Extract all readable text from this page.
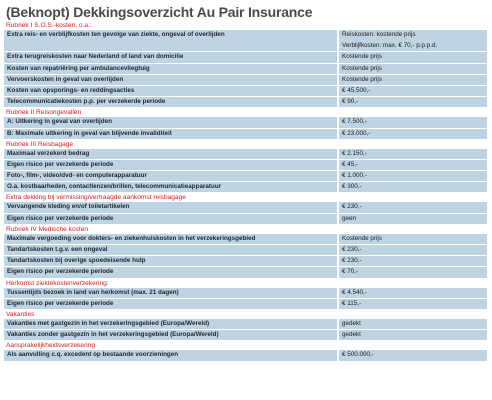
(Beknopt) Dekkingsoverzicht Au Pair Insurance
Rubriek I S.O.S.-kosten, o.a.:
Extra reis- en verblijfkosten ten gevolge van ziekte, ongeval of overlijden	Reiskosten: kostende prijs
Verblijfkosten: max. € 70,- p.p.p.d.
Extra terugreiskosten naar Nederland of land van domicilie	Kostende prijs
Kosten van repatriëring per ambulancevliegtuig	Kostende prijs
Vervoerskosten in geval van overlijden	Kostende prijs
Kosten van opsporings- en reddingsacties	€ 45.500,-
Telecommunicatiekosten p.p. per verzekerde periode	€ 90,-
Rubriek II Reisongevallen
A: Uitkering in geval van overlijden	€ 7.500,-
B: Maximale uitkering in geval van blijvende invaliditeit	€ 23.000,-
Rubriek III Reisbagage
Maximaal verzekerd bedrag	€ 2.150,-
Eigen risico per verzekerde periode	€ 45,-
Foto-, film-, video/dvd- en computerapparatuur	€ 1.000,-
O.a. kostbaarheden, contactlenzen/brillen, telecommunicatieapparatuur	€ 300,-
Extra dekking bij vermissing/vertraagde aankomst reisbagage
Vervangende kleding en/of toiletartikelen	€ 230,-
Eigen risico per verzekerde periode	geen
Rubriek IV Medische kosten
Maximale vergoeding voor dokters- en ziekenhuiskosten in het verzekeringsgebied	Kostende prijs
Tandartskosten t.g.v. een ongeval	€ 230,-
Tandartskosten bij overige spoedeisende hulp	€ 230,-
Eigen risico per verzekerde periode	€ 70,-
Herkomst ziektekostenverzekering:
Tussentijds bezoek in land van herkomst (max. 21 dagen)	€ 4.540,-
Eigen risico per verzekerde periode	€ 115,-
Vakanties
Vakanties met gastgezin in het verzekeringsgebied (Europa/Wereld)	gedekt
Vakanties zonder gastgezin in het verzekeringsgebied (Europa/Wereld)	gedekt
Aansprakelijkheidsverzekering
Als aanvulling c.q. excedent op bestaande voorzieningen	€ 500.000,-
